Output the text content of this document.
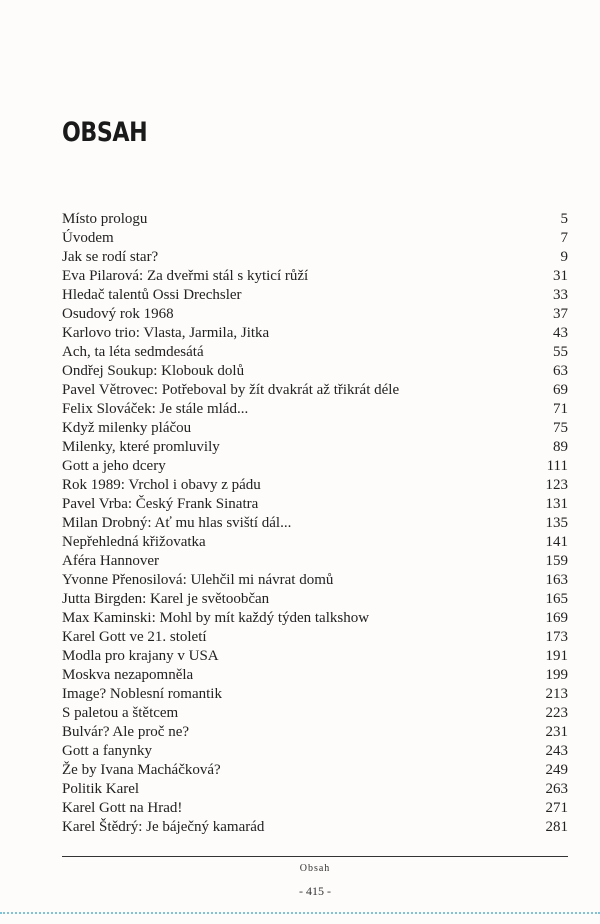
OBSAH
Místo prologu	5
Úvodem	7
Jak se rodí star?	9
Eva Pilarová: Za dveřmi stál s kyticí růží	31
Hledač talentů Ossi Drechsler	33
Osudový rok 1968	37
Karlovo trio: Vlasta, Jarmila, Jitka	43
Ach, ta léta sedmdesátá	55
Ondřej Soukup: Klobouk dolů	63
Pavel Větrovec: Potřeboval by žít dvakrát až třikrát déle	69
Felix Slováček: Je stále mlád...	71
Když milenky pláčou	75
Milenky, které promluvily	89
Gott a jeho dcery	111
Rok 1989: Vrchol i obavy z pádu	123
Pavel Vrba: Český Frank Sinatra	131
Milan Drobný: Ať mu hlas sviští dál...	135
Nepřehledná křižovatka	141
Aféra Hannover	159
Yvonne Přenosilová: Ulehčil mi návrat domů	163
Jutta Birgden: Karel je světoobčan	165
Max Kaminski: Mohl by mít každý týden talkshow	169
Karel Gott ve 21. století	173
Modla pro krajany v USA	191
Moskva nezapomněla	199
Image? Noblesní romantik	213
S paletou a štětcem	223
Bulvár? Ale proč ne?	231
Gott a fanynky	243
Že by Ivana Macháčková?	249
Politik Karel	263
Karel Gott na Hrad!	271
Karel Štědrý: Je báječný kamarád	281
Obsah
- 415 -
